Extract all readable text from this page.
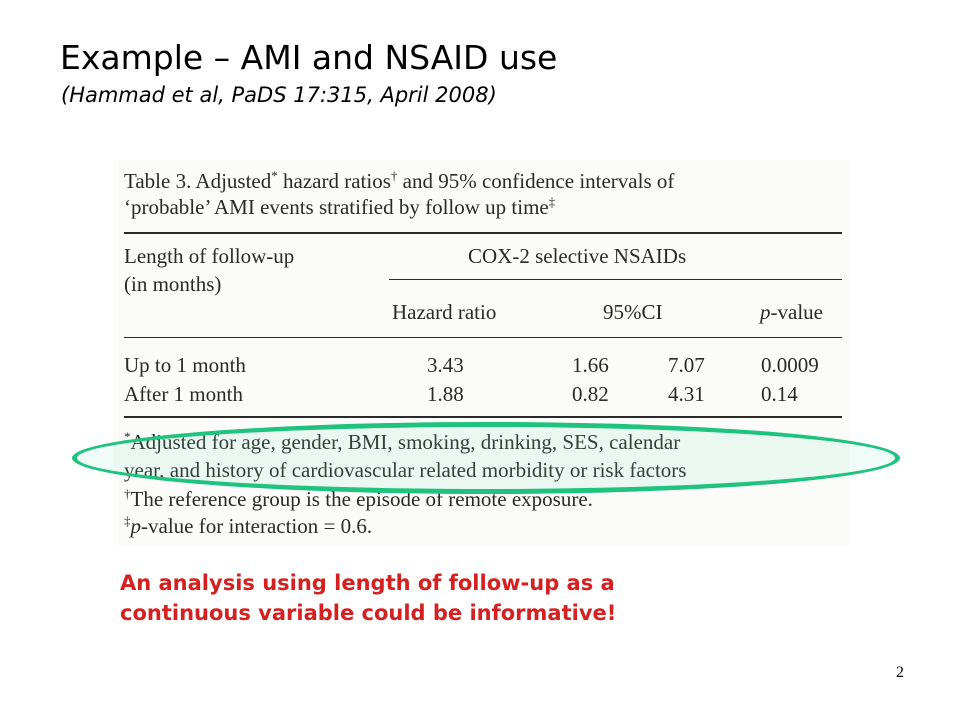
Example – AMI and NSAID use
(Hammad et al, PaDS 17:315, April 2008)
Table 3. Adjusted* hazard ratios† and 95% confidence intervals of
‘probable’ AMI events stratified by follow up time‡
Length of follow-up
(in months)
COX-2 selective NSAIDs
Hazard ratio	95%CI	p-value
Up to 1 month	3.43	1.66	7.07	0.0009
After 1 month	1.88	0.82	4.31	0.14
*Adjusted for age, gender, BMI, smoking, drinking, SES, calendar
year, and history of cardiovascular related morbidity or risk factors
†The reference group is the episode of remote exposure.
‡p-value for interaction = 0.6.
An analysis using length of follow-up as a
continuous variable could be informative!
2
